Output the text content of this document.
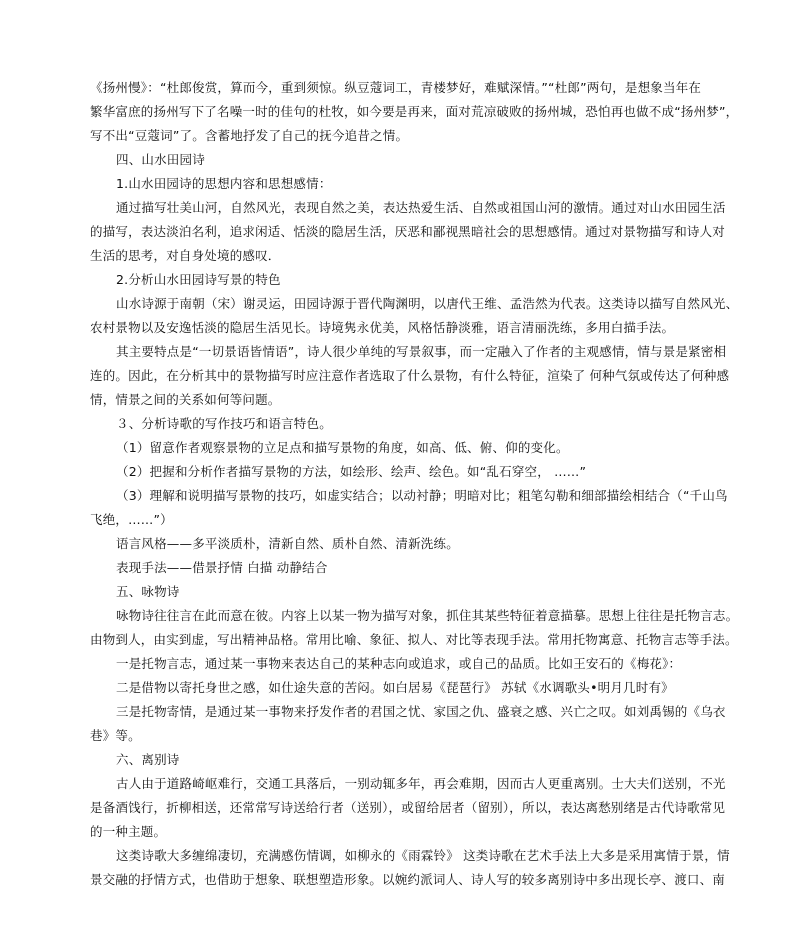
《扬州慢》：“杜郎俊赏，算而今，重到须惊。纵豆蔻词工，青楼梦好，难赋深情。”“杜郎”两句，是想象当年在
繁华富庶的扬州写下了名噪一时的佳句的杜牧，如今要是再来，面对荒凉破败的扬州城，恐怕再也做不成“扬州梦”，
写不出“豆蔻词”了。含蓄地抒发了自己的抚今追昔之情。
四、山水田园诗
1.山水田园诗的思想内容和思想感情：
通过描写壮美山河，自然风光，表现自然之美，表达热爱生活、自然或祖国山河的激情。通过对山水田园生活
的描写，表达淡泊名利，追求闲适、恬淡的隐居生活，厌恶和鄙视黑暗社会的思想感情。通过对景物描写和诗人对
生活的思考，对自身处境的感叹．
2.分析山水田园诗写景的特色
山水诗源于南朝（宋）谢灵运，田园诗源于晋代陶渊明，以唐代王维、孟浩然为代表。这类诗以描写自然风光、
农村景物以及安逸恬淡的隐居生活见长。诗境隽永优美，风格恬静淡雅，语言清丽洗练，多用白描手法。
其主要特点是“一切景语皆情语”，诗人很少单纯的写景叙事，而一定融入了作者的主观感情，情与景是紧密相
连的。因此，在分析其中的景物描写时应注意作者选取了什么景物，有什么特征，渲染了 何种气氛或传达了何种感
情，情景之间的关系如何等问题。
３、分析诗歌的写作技巧和语言特色。
（1）留意作者观察景物的立足点和描写景物的角度，如高、低、俯、仰的变化。
（2）把握和分析作者描写景物的方法，如绘形、绘声、绘色。如“乱石穿空， ……”
（3）理解和说明描写景物的技巧，如虚实结合；以动衬静；明暗对比；粗笔勾勒和细部描绘相结合（“千山鸟
飞绝，……”）
语言风格——多平淡质朴，清新自然、质朴自然、清新洗练。
表现手法——借景抒情 白描 动静结合
五、咏物诗
咏物诗往往言在此而意在彼。内容上以某一物为描写对象，抓住其某些特征着意描摹。思想上往往是托物言志。
由物到人，由实到虚，写出精神品格。常用比喻、象征、拟人、对比等表现手法。常用托物寓意、托物言志等手法。
一是托物言志，通过某一事物来表达自己的某种志向或追求，或自己的品质。比如王安石的《梅花》：
二是借物以寄托身世之感，如仕途失意的苦闷。如白居易《琵琶行》 苏轼《水调歌头•明月几时有》
三是托物寄情，是通过某一事物来抒发作者的君国之忧、家国之仇、盛衰之感、兴亡之叹。如刘禹锡的《乌衣
巷》等。
六、离别诗
古人由于道路崎岖难行，交通工具落后，一别动辄多年，再会难期，因而古人更重离别。士大夫们送别，不光
是备酒饯行，折柳相送，还常常写诗送给行者（送别），或留给居者（留别），所以，表达离愁别绪是古代诗歌常见
的一种主题。
这类诗歌大多缠绵凄切，充满感伤情调，如柳永的《雨霖铃》 这类诗歌在艺术手法上大多是采用寓情于景，情
景交融的抒情方式，也借助于想象、联想塑造形象。以婉约派词人、诗人写的较多离别诗中多出现长亭、渡口、南
